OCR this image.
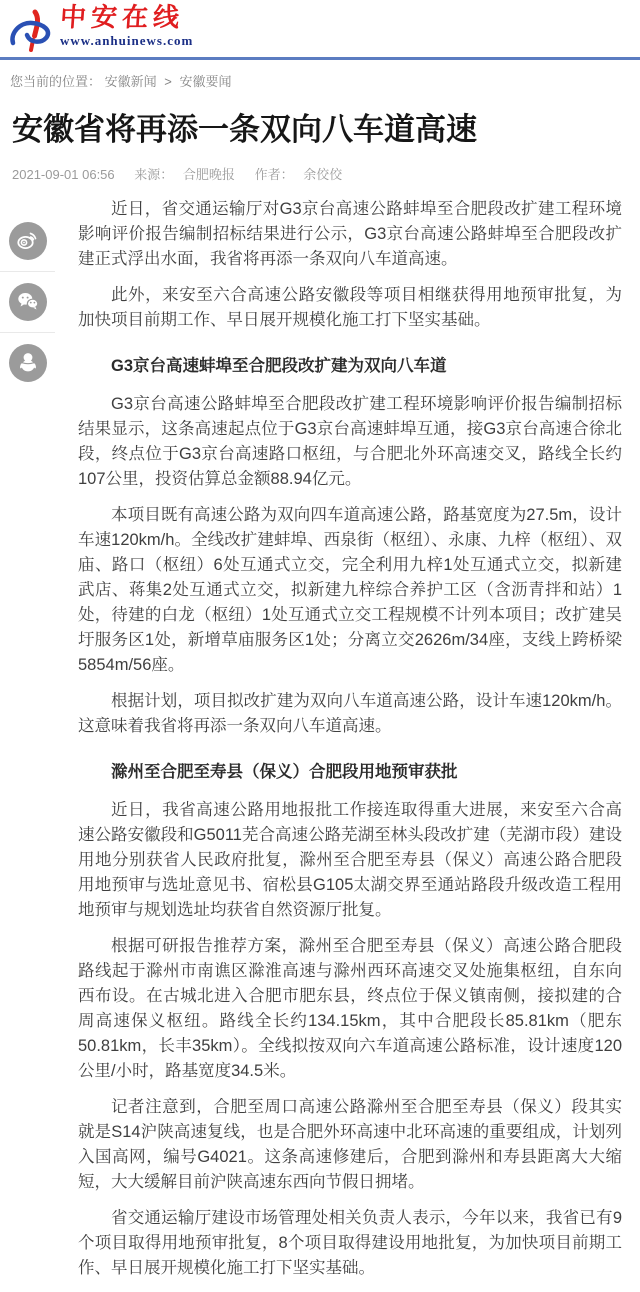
中安在线
www.anhuinews.com
您当前的位置： 安徽新闻 > 安徽要闻
安徽省将再添一条双向八车道高速
2021-09-01 06:56 来源： 合肥晚报 作者： 余佼佼

近日，省交通运输厅对G3京台高速公路蚌埠至合肥段改扩建工程环境影响评价报告编制招标结果进行公示，G3京台高速公路蚌埠至合肥段改扩建正式浮出水面，我省将再添一条双向八车道高速。

此外，来安至六合高速公路安徽段等项目相继获得用地预审批复，为加快项目前期工作、早日展开规模化施工打下坚实基础。

G3京台高速蚌埠至合肥段改扩建为双向八车道

G3京台高速公路蚌埠至合肥段改扩建工程环境影响评价报告编制招标结果显示，这条高速起点位于G3京台高速蚌埠互通，接G3京台高速合徐北段，终点位于G3京台高速路口枢纽，与合肥北外环高速交叉，路线全长约107公里，投资估算总金额88.94亿元。

本项目既有高速公路为双向四车道高速公路，路基宽度为27.5m，设计车速120km/h。全线改扩建蚌埠、西泉街（枢纽）、永康、九梓（枢纽）、双庙、路口（枢纽）6处互通式立交，完全利用九梓1处互通式立交，拟新建武店、蒋集2处互通式立交，拟新建九梓综合养护工区（含沥青拌和站）1处，待建的白龙（枢纽）1处互通式立交工程规模不计列本项目；改扩建吴圩服务区1处，新增草庙服务区1处；分离立交2626m/34座，支线上跨桥梁5854m/56座。

根据计划，项目拟改扩建为双向八车道高速公路，设计车速120km/h。这意味着我省将再添一条双向八车道高速。

滁州至合肥至寿县（保义）合肥段用地预审获批

近日，我省高速公路用地报批工作接连取得重大进展，来安至六合高速公路安徽段和G5011芜合高速公路芜湖至林头段改扩建（芜湖市段）建设用地分别获省人民政府批复，滁州至合肥至寿县（保义）高速公路合肥段用地预审与选址意见书、宿松县G105太湖交界至通站路段升级改造工程用地预审与规划选址均获省自然资源厅批复。

根据可研报告推荐方案，滁州至合肥至寿县（保义）高速公路合肥段路线起于滁州市南谯区滁淮高速与滁州西环高速交叉处施集枢纽，自东向西布设。在古城北进入合肥市肥东县，终点位于保义镇南侧，接拟建的合周高速保义枢纽。路线全长约134.15km，其中合肥段长85.81km（肥东50.81km，长丰35km）。全线拟按双向六车道高速公路标准，设计速度120公里/小时，路基宽度34.5米。

记者注意到，合肥至周口高速公路滁州至合肥至寿县（保义）段其实就是S14沪陕高速复线，也是合肥外环高速中北环高速的重要组成，计划列入国高网，编号G4021。这条高速修建后，合肥到滁州和寿县距离大大缩短，大大缓解目前沪陕高速东西向节假日拥堵。

省交通运输厅建设市场管理处相关负责人表示，今年以来，我省已有9个项目取得用地预审批复，8个项目取得建设用地批复，为加快项目前期工作、早日展开规模化施工打下坚实基础。
